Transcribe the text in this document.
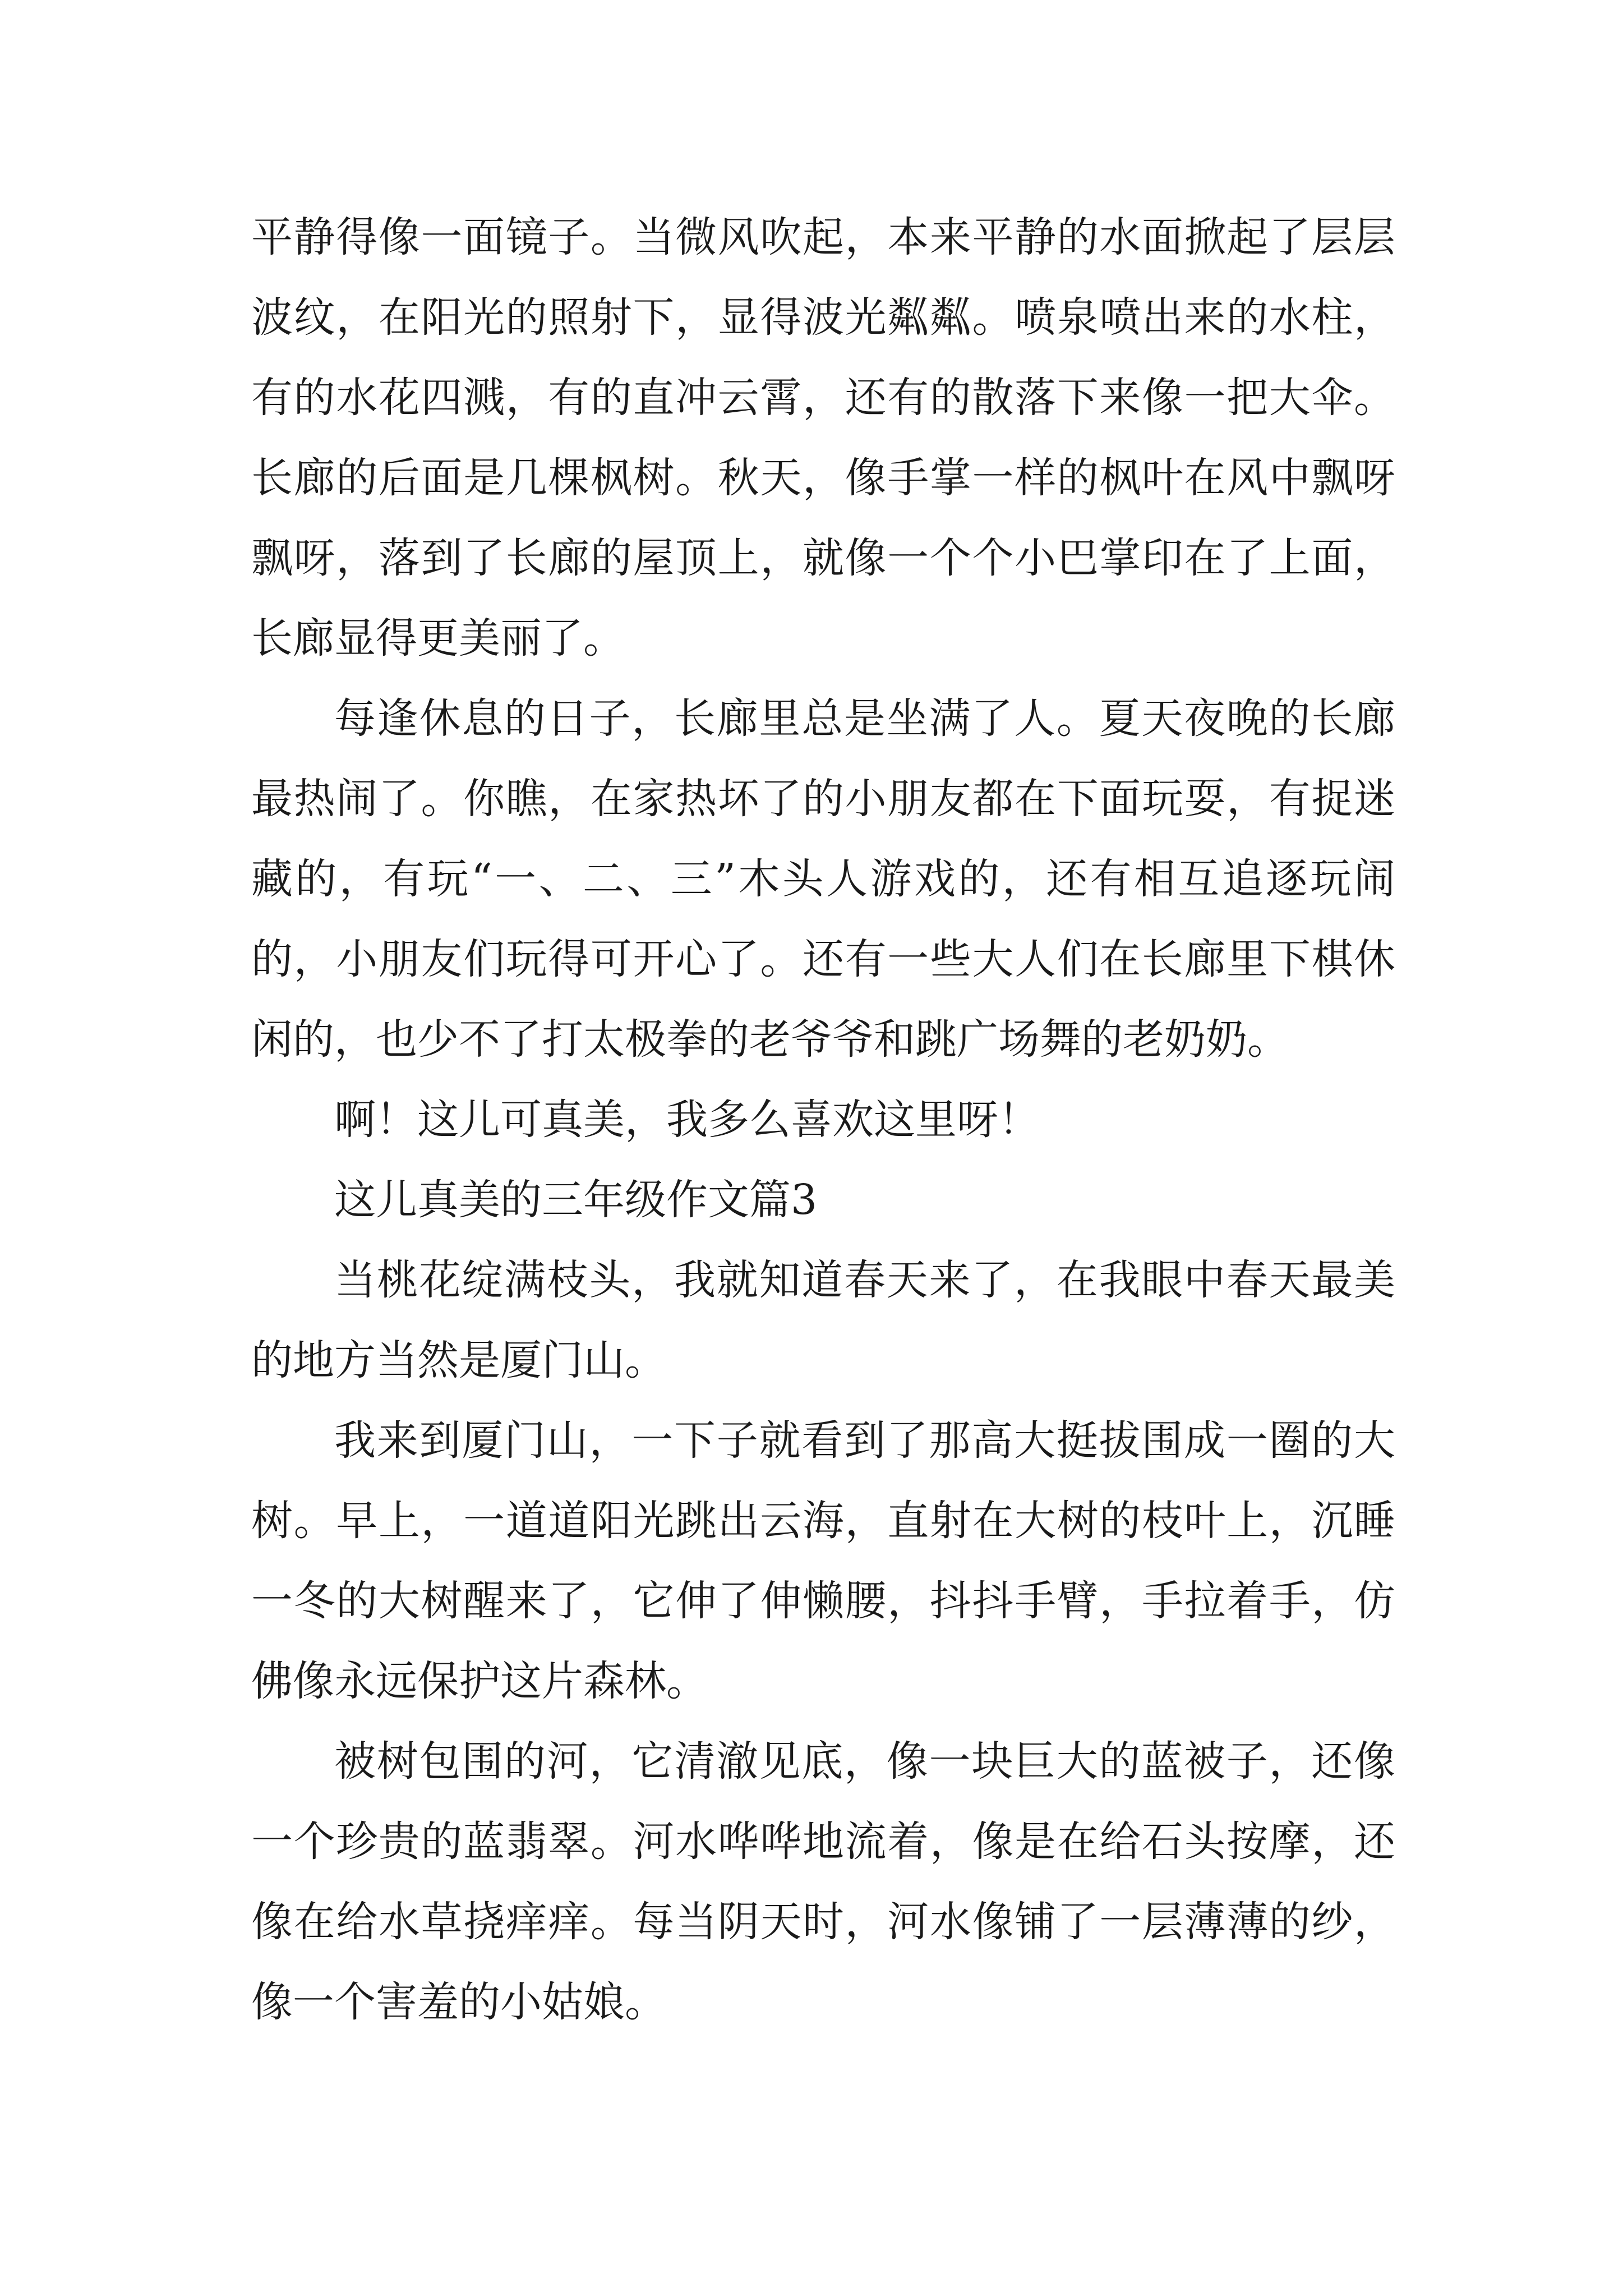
平静得像一面镜子。当微风吹起，本来平静的水面掀起了层层波纹，在阳光的照射下，显得波光粼粼。喷泉喷出来的水柱，有的水花四溅，有的直冲云霄，还有的散落下来像一把大伞。长廊的后面是几棵枫树。秋天，像手掌一样的枫叶在风中飘呀飘呀，落到了长廊的屋顶上，就像一个个小巴掌印在了上面，长廊显得更美丽了。

每逢休息的日子，长廊里总是坐满了人。夏天夜晚的长廊最热闹了。你瞧，在家热坏了的小朋友都在下面玩耍，有捉迷藏的，有玩“一、二、三”木头人游戏的，还有相互追逐玩闹的，小朋友们玩得可开心了。还有一些大人们在长廊里下棋休闲的，也少不了打太极拳的老爷爷和跳广场舞的老奶奶。

啊！这儿可真美，我多么喜欢这里呀！

这儿真美的三年级作文篇3

当桃花绽满枝头，我就知道春天来了，在我眼中春天最美的地方当然是厦门山。

我来到厦门山，一下子就看到了那高大挺拔围成一圈的大树。早上，一道道阳光跳出云海，直射在大树的枝叶上，沉睡一冬的大树醒来了，它伸了伸懒腰，抖抖手臂，手拉着手，仿佛像永远保护这片森林。

被树包围的河，它清澈见底，像一块巨大的蓝被子，还像一个珍贵的蓝翡翠。河水哗哗地流着，像是在给石头按摩，还像在给水草挠痒痒。每当阴天时，河水像铺了一层薄薄的纱，像一个害羞的小姑娘。
